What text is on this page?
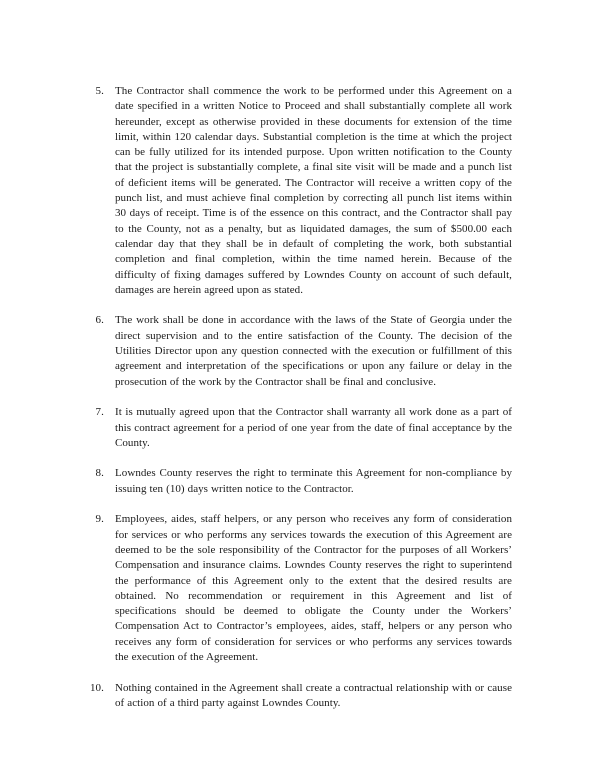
5. The Contractor shall commence the work to be performed under this Agreement on a date specified in a written Notice to Proceed and shall substantially complete all work hereunder, except as otherwise provided in these documents for extension of the time limit, within 120 calendar days. Substantial completion is the time at which the project can be fully utilized for its intended purpose. Upon written notification to the County that the project is substantially complete, a final site visit will be made and a punch list of deficient items will be generated. The Contractor will receive a written copy of the punch list, and must achieve final completion by correcting all punch list items within 30 days of receipt. Time is of the essence on this contract, and the Contractor shall pay to the County, not as a penalty, but as liquidated damages, the sum of $500.00 each calendar day that they shall be in default of completing the work, both substantial completion and final completion, within the time named herein. Because of the difficulty of fixing damages suffered by Lowndes County on account of such default, damages are herein agreed upon as stated.
6. The work shall be done in accordance with the laws of the State of Georgia under the direct supervision and to the entire satisfaction of the County. The decision of the Utilities Director upon any question connected with the execution or fulfillment of this agreement and interpretation of the specifications or upon any failure or delay in the prosecution of the work by the Contractor shall be final and conclusive.
7. It is mutually agreed upon that the Contractor shall warranty all work done as a part of this contract agreement for a period of one year from the date of final acceptance by the County.
8. Lowndes County reserves the right to terminate this Agreement for non-compliance by issuing ten (10) days written notice to the Contractor.
9. Employees, aides, staff helpers, or any person who receives any form of consideration for services or who performs any services towards the execution of this Agreement are deemed to be the sole responsibility of the Contractor for the purposes of all Workers’ Compensation and insurance claims. Lowndes County reserves the right to superintend the performance of this Agreement only to the extent that the desired results are obtained. No recommendation or requirement in this Agreement and list of specifications should be deemed to obligate the County under the Workers’ Compensation Act to Contractor’s employees, aides, staff, helpers or any person who receives any form of consideration for services or who performs any services towards the execution of the Agreement.
10. Nothing contained in the Agreement shall create a contractual relationship with or cause of action of a third party against Lowndes County.
